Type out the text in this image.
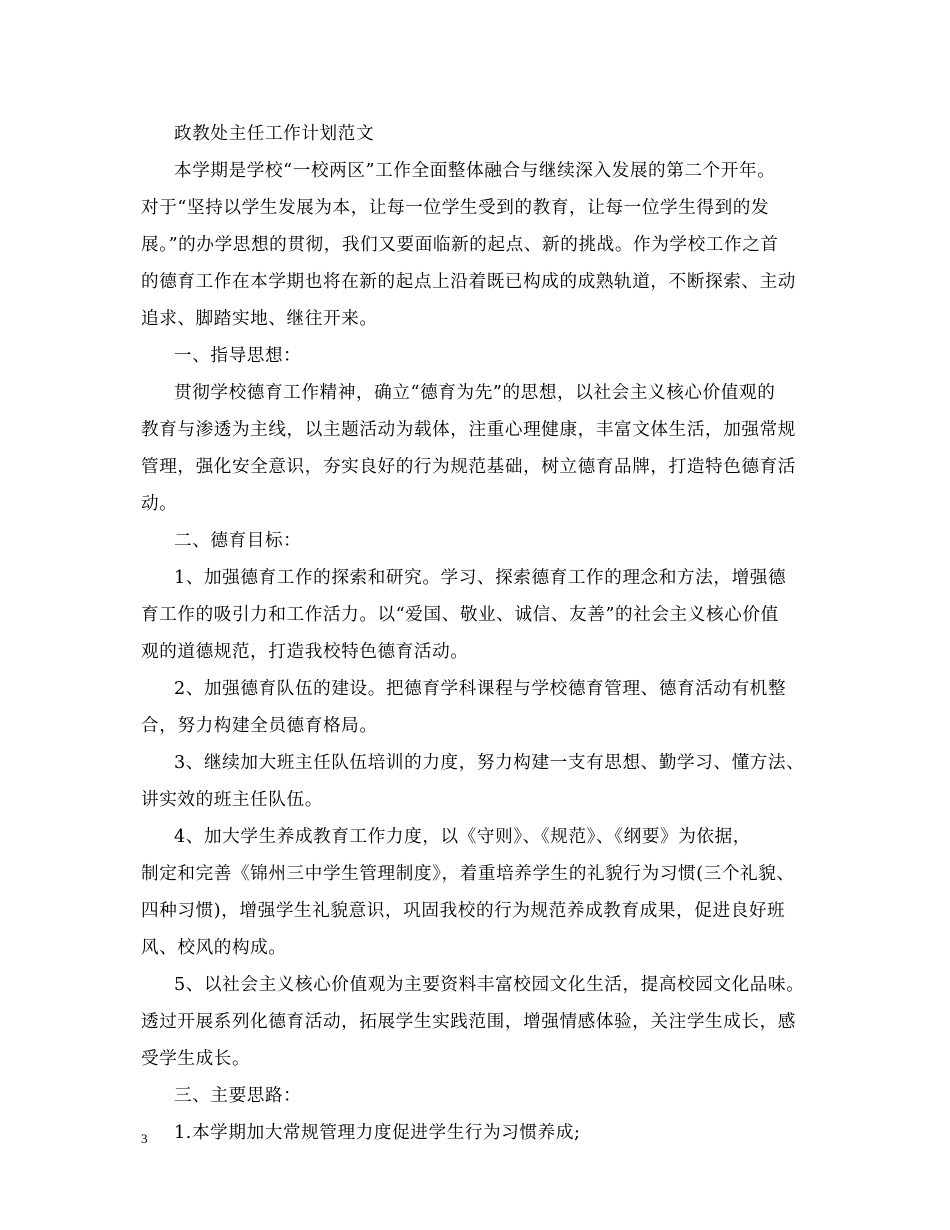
政教处主任工作计划范文
本学期是学校“一校两区”工作全面整体融合与继续深入发展的第二个开年。
对于“坚持以学生发展为本，让每一位学生受到的教育，让每一位学生得到的发
展。”的办学思想的贯彻，我们又要面临新的起点、新的挑战。作为学校工作之首
的德育工作在本学期也将在新的起点上沿着既已构成的成熟轨道，不断探索、主动
追求、脚踏实地、继往开来。
一、指导思想：
贯彻学校德育工作精神，确立“德育为先”的思想，以社会主义核心价值观的
教育与渗透为主线，以主题活动为载体，注重心理健康，丰富文体生活，加强常规
管理，强化安全意识，夯实良好的行为规范基础，树立德育品牌，打造特色德育活
动。
二、德育目标：
1、加强德育工作的探索和研究。学习、探索德育工作的理念和方法，增强德
育工作的吸引力和工作活力。以“爱国、敬业、诚信、友善”的社会主义核心价值
观的道德规范，打造我校特色德育活动。
2、加强德育队伍的建设。把德育学科课程与学校德育管理、德育活动有机整
合，努力构建全员德育格局。
3、继续加大班主任队伍培训的力度，努力构建一支有思想、勤学习、懂方法、
讲实效的班主任队伍。
4、加大学生养成教育工作力度，以《守则》、《规范》、《纲要》为依据，
制定和完善《锦州三中学生管理制度》，着重培养学生的礼貌行为习惯(三个礼貌、
四种习惯)，增强学生礼貌意识，巩固我校的行为规范养成教育成果，促进良好班
风、校风的构成。
5、以社会主义核心价值观为主要资料丰富校园文化生活，提高校园文化品味。
透过开展系列化德育活动，拓展学生实践范围，增强情感体验，关注学生成长，感
受学生成长。
三、主要思路：
1.本学期加大常规管理力度促进学生行为习惯养成;
3
